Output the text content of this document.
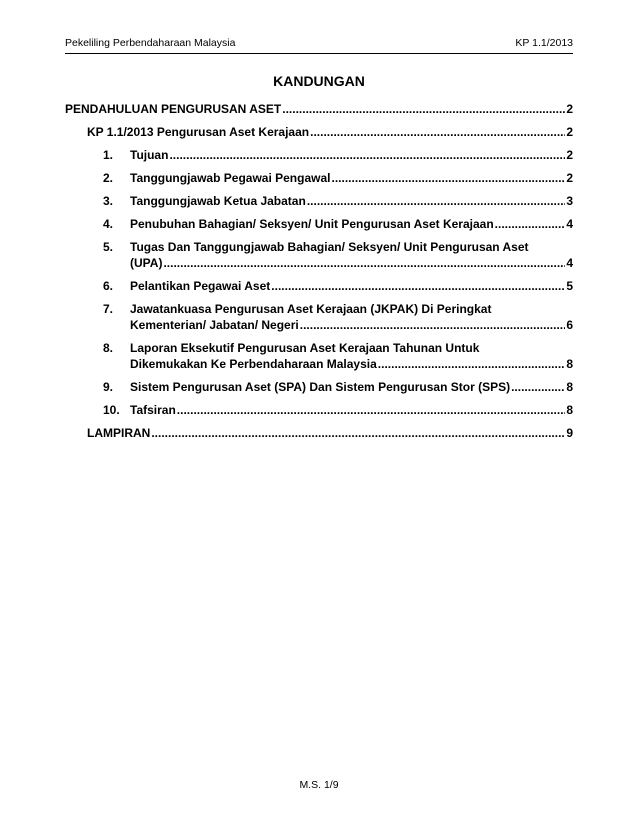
Pekeliling Perbendaharaan Malaysia	KP 1.1/2013
KANDUNGAN
PENDAHULUAN PENGURUSAN ASET .....	2
KP 1.1/2013 Pengurusan Aset Kerajaan .....	2
1. Tujuan .....	2
2. Tanggungjawab Pegawai Pengawal .....	2
3. Tanggungjawab Ketua Jabatan .....	3
4. Penubuhan Bahagian/ Seksyen/ Unit Pengurusan Aset Kerajaan .....	4
5. Tugas Dan Tanggungjawab Bahagian/ Seksyen/ Unit Pengurusan Aset
(UPA) .....	4
6. Pelantikan Pegawai Aset .....	5
7. Jawatankuasa Pengurusan Aset Kerajaan (JKPAK) Di Peringkat
Kementerian/ Jabatan/ Negeri .....	6
8. Laporan Eksekutif Pengurusan Aset Kerajaan Tahunan Untuk
Dikemukakan Ke Perbendaharaan Malaysia .....	8
9. Sistem Pengurusan Aset (SPA) Dan Sistem Pengurusan Stor (SPS) .....	8
10. Tafsiran .....	8
LAMPIRAN .....	9
M.S. 1/9
